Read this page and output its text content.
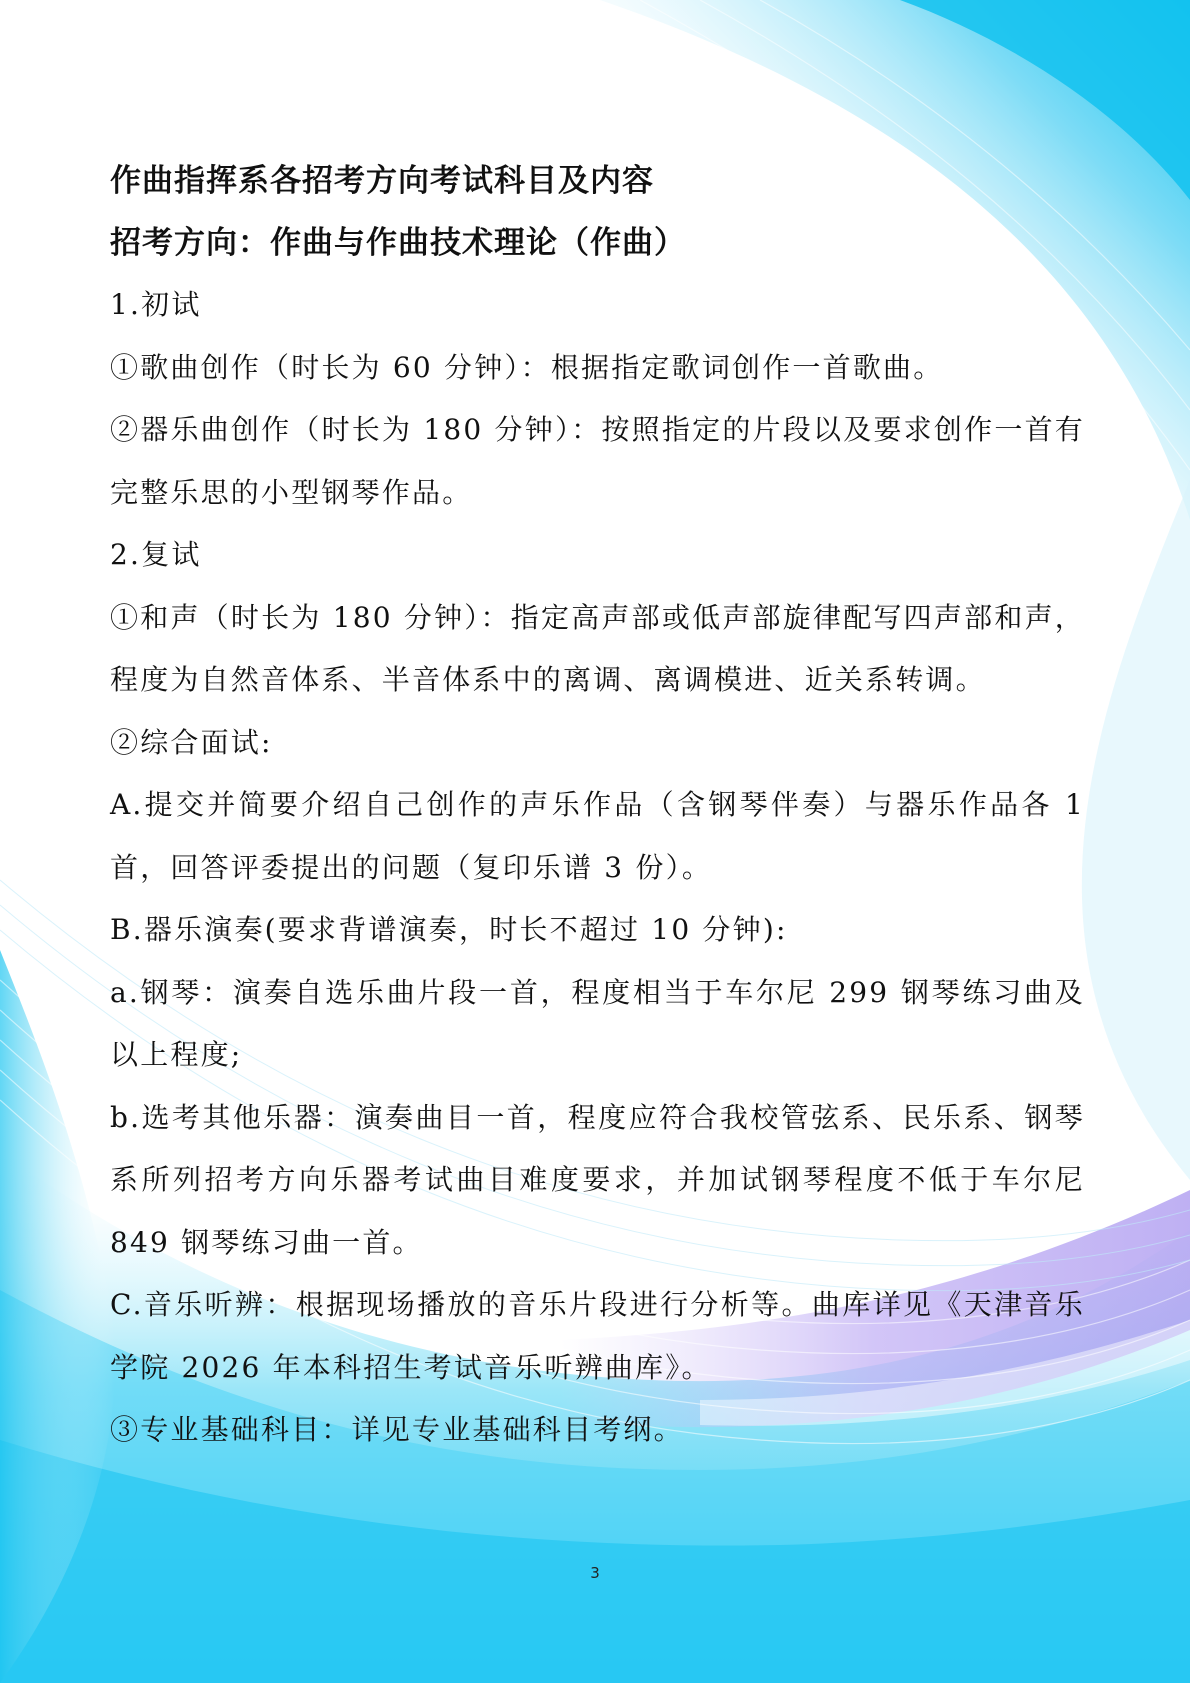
作曲指挥系各招考方向考试科目及内容
招考方向：作曲与作曲技术理论（作曲）

1.初试

①歌曲创作（时长为 60 分钟）：根据指定歌词创作一首歌曲。

②器乐曲创作（时长为 180 分钟）：按照指定的片段以及要求创作一首有完整乐思的小型钢琴作品。

2.复试

①和声（时长为 180 分钟）：指定高声部或低声部旋律配写四声部和声，程度为自然音体系、半音体系中的离调、离调模进、近关系转调。

②综合面试:

A.提交并简要介绍自己创作的声乐作品（含钢琴伴奏）与器乐作品各 1 首，回答评委提出的问题（复印乐谱 3 份）。

B.器乐演奏(要求背谱演奏，时长不超过 10 分钟):

a.钢琴：演奏自选乐曲片段一首，程度相当于车尔尼 299 钢琴练习曲及以上程度;

b.选考其他乐器：演奏曲目一首，程度应符合我校管弦系、民乐系、钢琴系所列招考方向乐器考试曲目难度要求，并加试钢琴程度不低于车尔尼 849 钢琴练习曲一首。

C.音乐听辨：根据现场播放的音乐片段进行分析等。曲库详见《天津音乐学院 2026 年本科招生考试音乐听辨曲库》。

③专业基础科目：详见专业基础科目考纲。

3
